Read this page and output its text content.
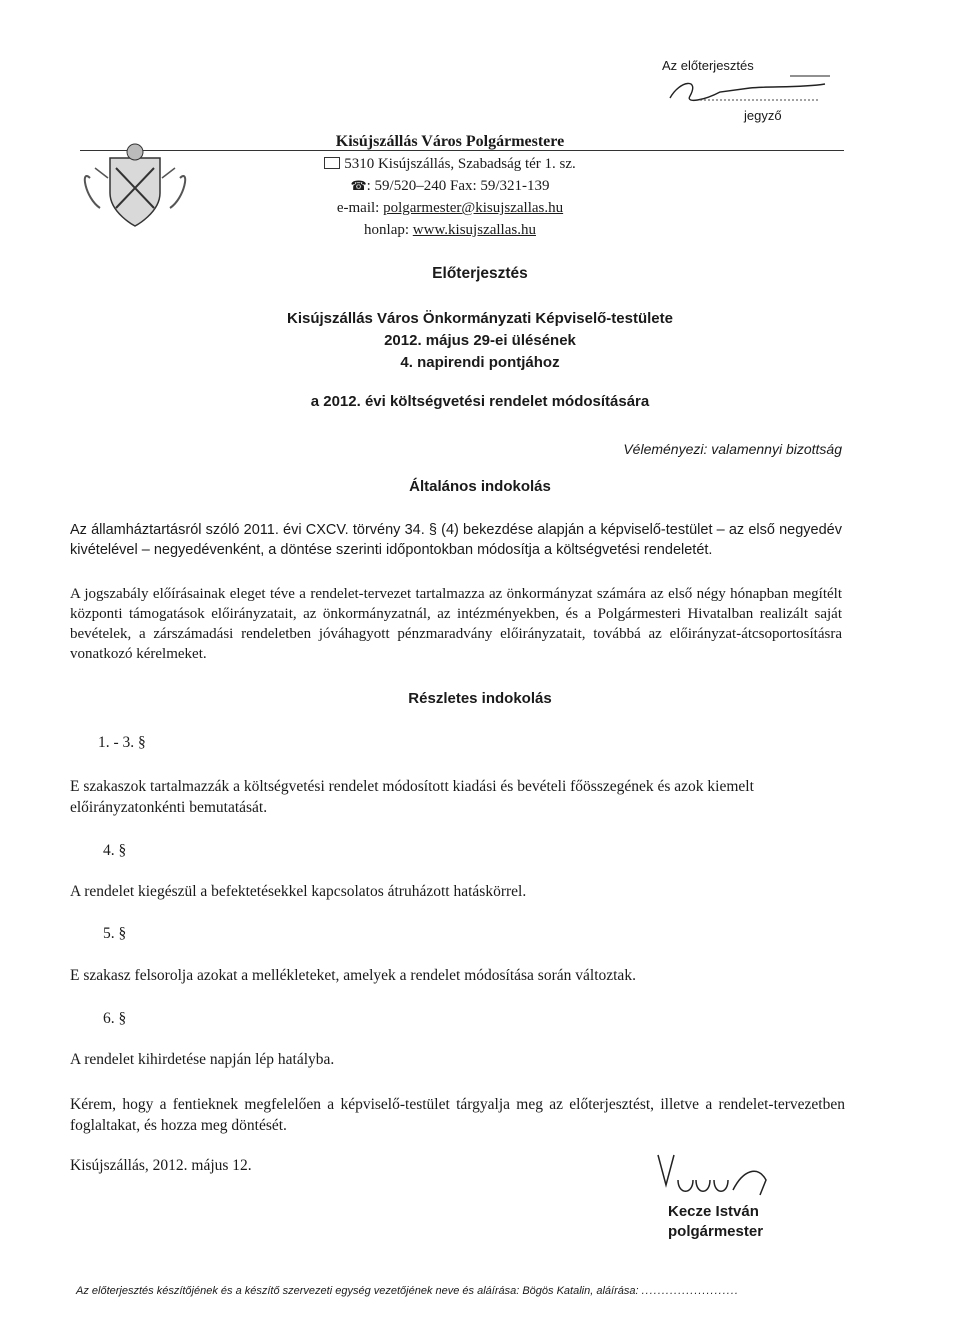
Az előterjesztés
jegyző
Kisújszállás Város Polgármestere
5310 Kisújszállás, Szabadság tér 1. sz.
☎: 59/520–240 Fax: 59/321-139
e-mail: polgarmester@kisujszallas.hu
honlap: www.kisujszallas.hu
Előterjesztés
Kisújszállás Város Önkormányzati Képviselő-testülete
2012. május 29-ei ülésének
4. napirendi pontjához
a 2012. évi költségvetési rendelet módosítására
Véleményezi: valamennyi bizottság
Általános indokolás
Az államháztartásról szóló 2011. évi CXCV. törvény 34. § (4) bekezdése alapján a képviselő-testület – az első negyedév kivételével – negyedévenként, a döntése szerinti időpontokban módosítja a költségvetési rendeletét.
A jogszabály előírásainak eleget téve a rendelet-tervezet tartalmazza az önkormányzat számára az első négy hónapban megítélt központi támogatások előirányzatait, az önkormányzatnál, az intézményekben, és a Polgármesteri Hivatalban realizált saját bevételek, a zárszámadási rendeletben jóváhagyott pénzmaradvány előirányzatait, továbbá az előirányzat-átcsoportosításra vonatkozó kérelmeket.
Részletes indokolás
1. - 3. §
E szakaszok tartalmazzák a költségvetési rendelet módosított kiadási és bevételi főösszegének és azok kiemelt előirányzatonkénti bemutatását.
4. §
A rendelet kiegészül a befektetésekkel kapcsolatos átruházott hatáskörrel.
5. §
E szakasz felsorolja azokat a mellékleteket, amelyek a rendelet módosítása során változtak.
6. §
A rendelet kihirdetése napján lép hatályba.
Kérem, hogy a fentieknek megfelelően a képviselő-testület tárgyalja meg az előterjesztést, illetve a rendelet-tervezetben foglaltakat, és hozza meg döntését.
Kisújszállás, 2012. május 12.
Kecze István
polgármester
Az előterjesztés készítőjének és a készítő szervezeti egység vezetőjének neve és aláírása: Bögös Katalin, aláírása: ........................
